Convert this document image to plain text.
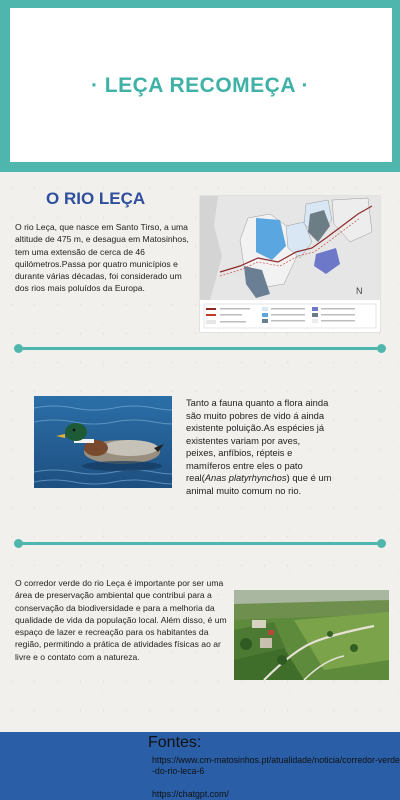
· LEÇA RECOMEÇA ·
O RIO LEÇA

O rio Leça, que nasce em Santo Tirso, a uma altitude de 475 m, e desagua em Matosinhos, tem uma extensão de cerca de 46 quilómetros.Passa por quatro municípios e durante várias décadas, foi considerado um dos rios mais poluídos da Europa.	N

Tanto a fauna quanto a flora ainda são muito pobres de vido á ainda existente poluição.As espécies já existentes variam por aves, peixes, anfíbios, répteis e mamíferos entre eles o pato real(Anas platyrhynchos) que é um animal muito comum no rio.

O corredor verde do rio Leça é importante por ser uma área de preservação ambiental que contribui para a conservação da biodiversidade e para a melhoria da qualidade de vida da população local. Além disso, é um espaço de lazer e recreação para os habitantes da região, permitindo a prática de atividades físicas ao ar livre e o contato com a natureza.

Fontes:

https://www.cm-matosinhos.pt/atualidade/noticia/corredor-verde-do-rio-leca-6

https://chatgpt.com/
